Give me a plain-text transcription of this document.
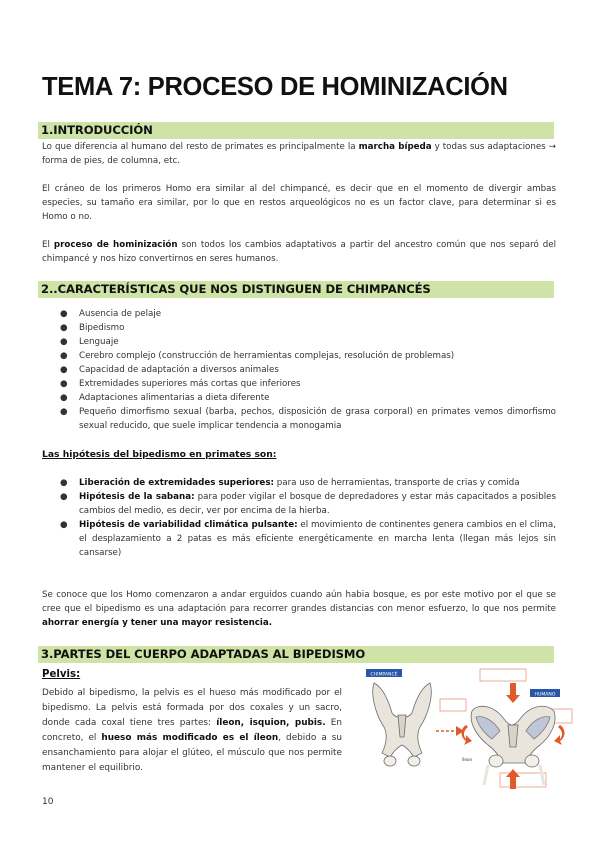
TEMA 7: PROCESO DE HOMINIZACIÓN
1.INTRODUCCIÓN

Lo que diferencia al humano del resto de primates es principalmente la marcha bípeda y todas sus adaptaciones → forma de pies, de columna, etc.

El cráneo de los primeros Homo era similar al del chimpancé, es decir que en el momento de divergir ambas especies, su tamaño era similar, por lo que en restos arqueológicos no es un factor clave, para determinar si es Homo o no.

El proceso de hominización son todos los cambios adaptativos a partir del ancestro común que nos separó del chimpancé y nos hizo convertirnos en seres humanos.

2..CARACTERÍSTICAS QUE NOS DISTINGUEN DE CHIMPANCÉS
● Ausencia de pelaje
● Bipedismo
● Lenguaje
● Cerebro complejo (construcción de herramientas complejas, resolución de problemas)
● Capacidad de adaptación a diversos animales
● Extremidades superiores más cortas que inferiores
● Adaptaciones alimentarias a dieta diferente
● Pequeño dimorfismo sexual (barba, pechos, disposición de grasa corporal) en primates vemos dimorfismo sexual reducido, que suele implicar tendencia a monogamia
Las hipótesis del bipedismo en primates son:
● Liberación de extremidades superiores: para uso de herramientas, transporte de crias y comida
● Hipótesis de la sabana: para poder vigilar el bosque de depredadores y estar más capacitados a posibles cambios del medio, es decir, ver por encima de la hierba.
● Hipótesis de variabilidad climática pulsante: el movimiento de continentes genera cambios en el clima, el desplazamiento a 2 patas es más eficiente energéticamente en marcha lenta (llegan más lejos sin cansarse)

Se conoce que los Homo comenzaron a andar erguidos cuando aún habia bosque, es por este motivo por el que se cree que el bipedismo es una adaptación para recorrer grandes distancias con menor esfuerzo, lo que nos permite ahorrar energía y tener una mayor resistencia.

3.PARTES DEL CUERPO ADAPTADAS AL BIPEDISMO
Pelvis:

Debido al bipedismo, la pelvis es el hueso más modificado por el bipedismo. La pelvis está formada por dos coxales y un sacro, donde cada coxal tiene tres partes: íleon, isquion, pubis. En concreto, el hueso más modificado es el íleon, debido a su ensanchamiento para alojar el glúteo, el músculo que nos permite mantener el equilibrio.

CHIMPANCÉ
HUMANO
íleon
10
